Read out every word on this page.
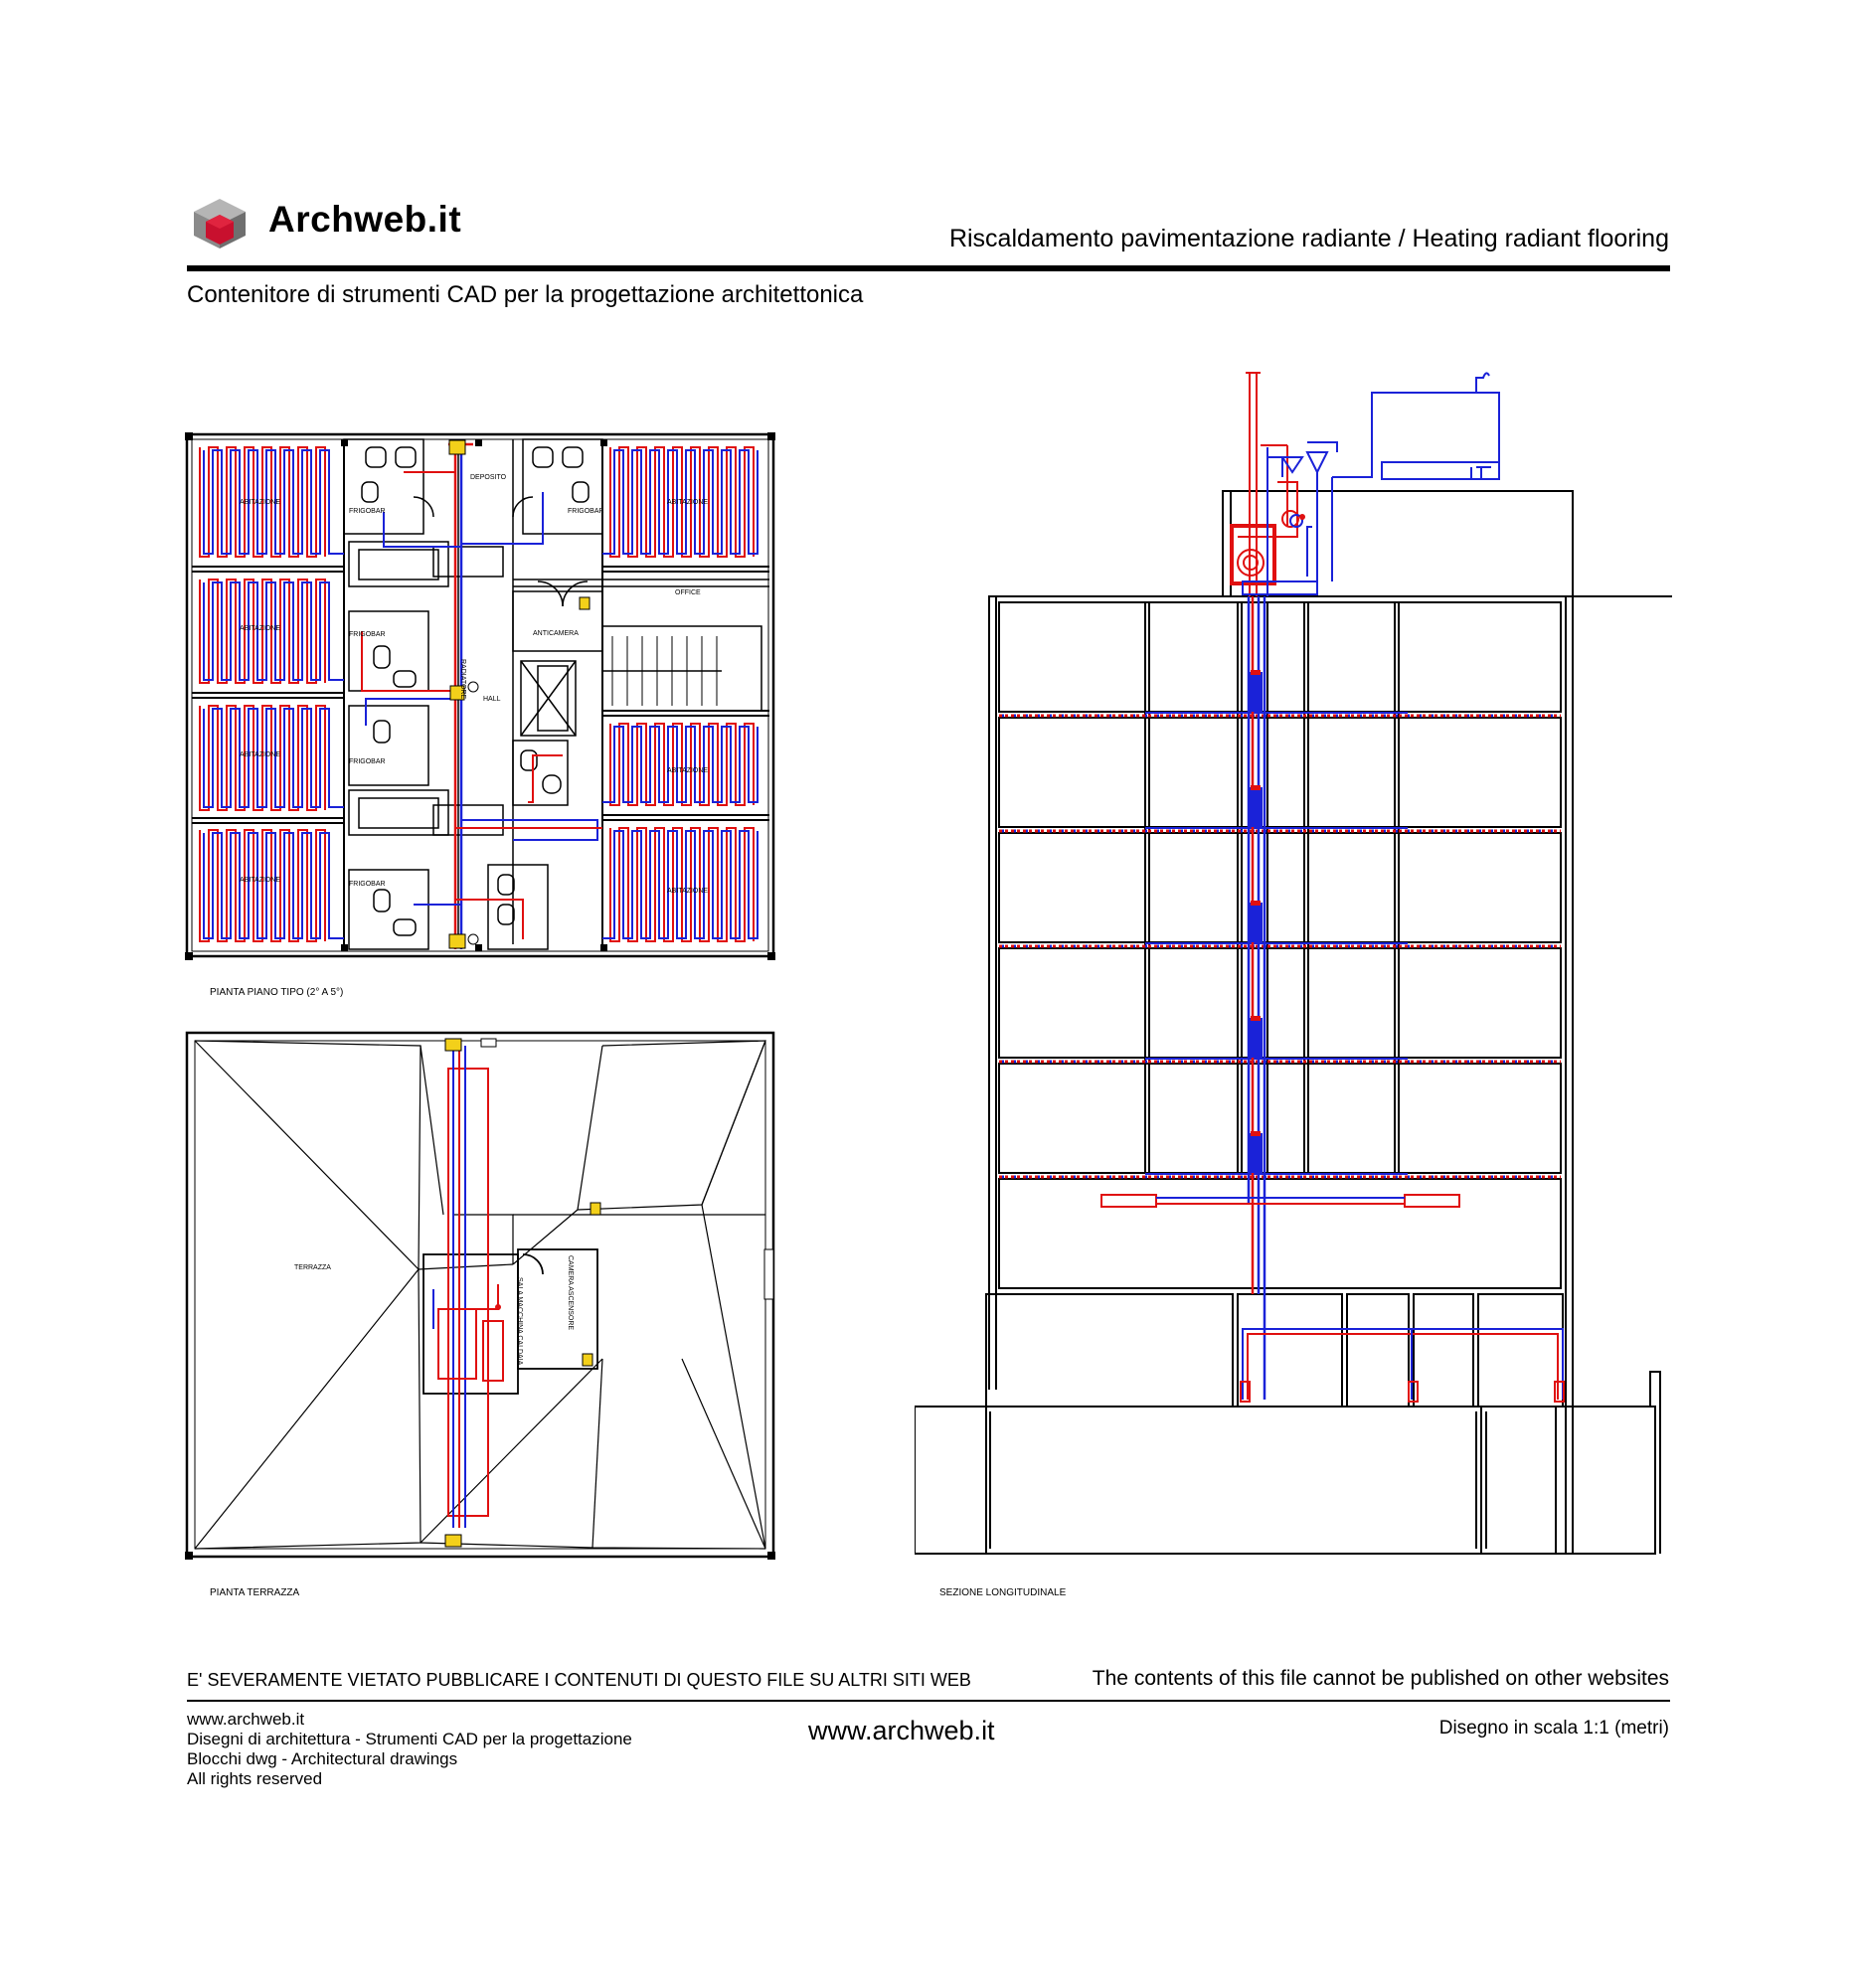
Archweb.it	Riscaldamento pavimentazione radiante / Heating radiant flooring
Contenitore di strumenti CAD per la progettazione architettonica
ABITAZIONE
ABITAZIONE
ABITAZIONE
ABITAZIONE
ABITAZIONE
ABITAZIONE
ABITAZIONE
FRIGOBAR	FRIGOBAR
FRIGOBAR
FRIGOBAR
FRIGOBAR
DEPOSITO
OFFICE
ANTICAMERA
HALL
RADIATORE
PIANTA PIANO TIPO (2° A 5°)
TERRAZZA
SALA MACCHINA CALDAIA	CAMERA ASCENSORE
PIANTA TERRAZZA	SEZIONE LONGITUDINALE
E' SEVERAMENTE VIETATO PUBBLICARE I CONTENUTI DI QUESTO FILE SU ALTRI SITI WEB	The contents of this file cannot be published on other websites
www.archweb.it
Disegni di architettura - Strumenti CAD per la progettazione
Blocchi dwg - Architectural drawings
All rights reserved
www.archweb.it	Disegno in scala 1:1 (metri)
